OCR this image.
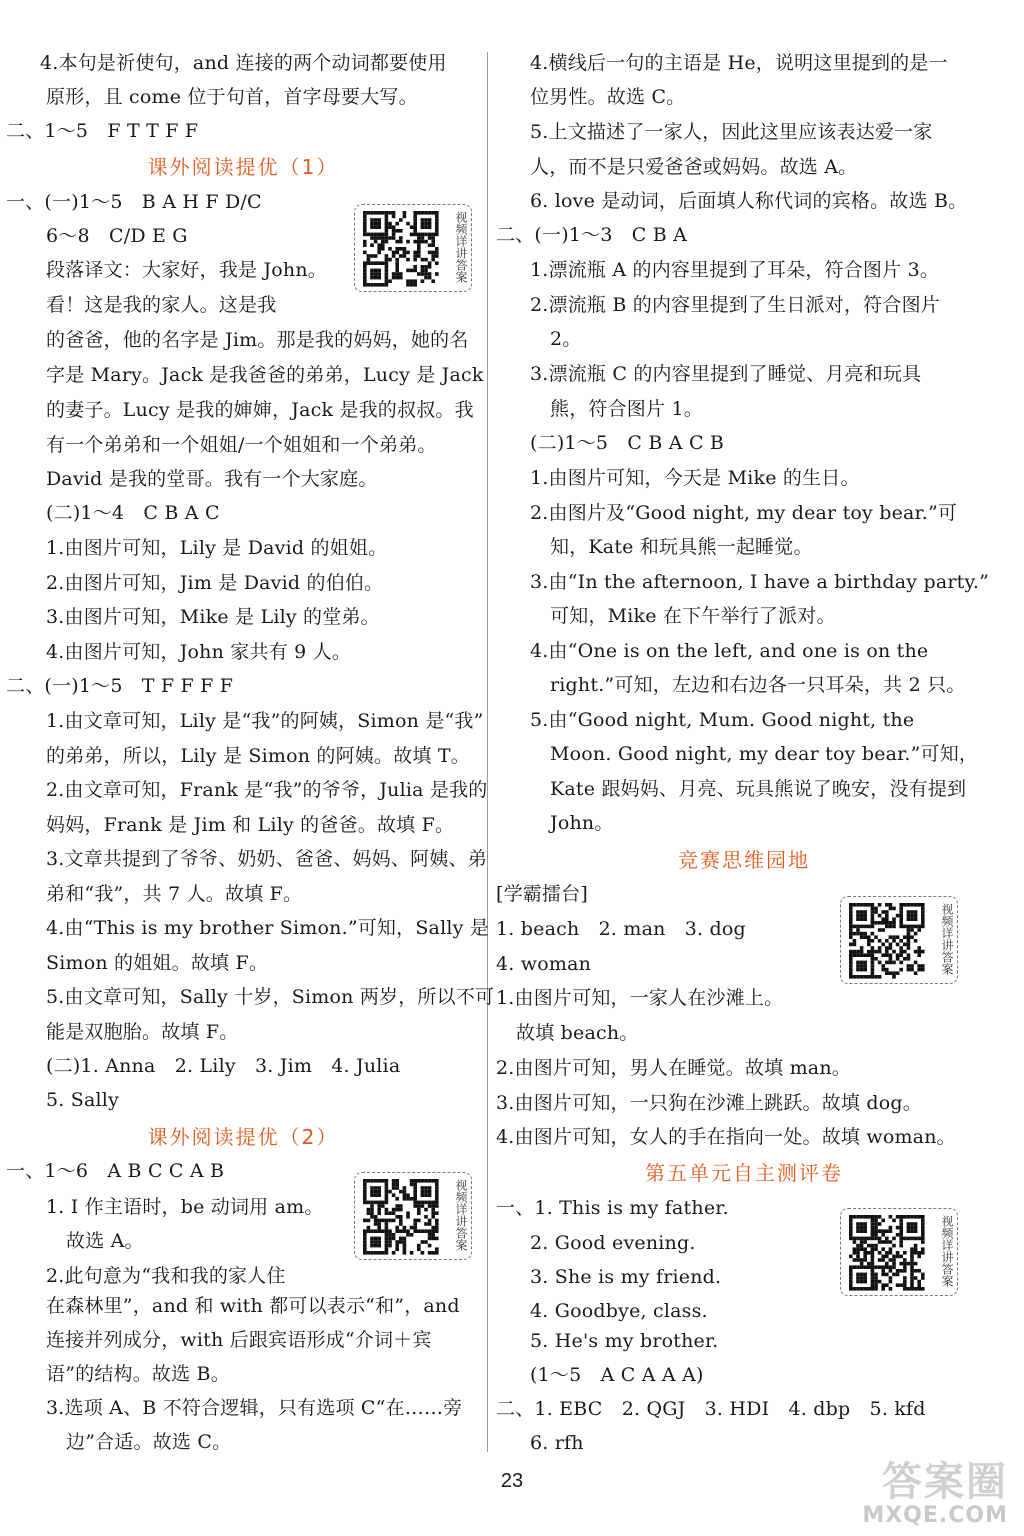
4.本句是祈使句，and 连接的两个动词都要使用
原形，且 come 位于句首，首字母要大写。
二、1～5　F T T F F
课外阅读提优（1）
一、(一)1～5　B A H F D/C
6～8　C/D E G
段落译文：大家好，我是 John。
看！这是我的家人。这是我
的爸爸，他的名字是 Jim。那是我的妈妈，她的名
字是 Mary。Jack 是我爸爸的弟弟，Lucy 是 Jack
的妻子。Lucy 是我的婶婶，Jack 是我的叔叔。我
有一个弟弟和一个姐姐/一个姐姐和一个弟弟。
David 是我的堂哥。我有一个大家庭。
(二)1～4　C B A C
1.由图片可知，Lily 是 David 的姐姐。
2.由图片可知，Jim 是 David 的伯伯。
3.由图片可知，Mike 是 Lily 的堂弟。
4.由图片可知，John 家共有 9 人。
二、(一)1～5　T F F F F
1.由文章可知，Lily 是“我”的阿姨，Simon 是“我”
的弟弟，所以，Lily 是 Simon 的阿姨。故填 T。
2.由文章可知，Frank 是“我”的爷爷，Julia 是我的
妈妈，Frank 是 Jim 和 Lily 的爸爸。故填 F。
3.文章共提到了爷爷、奶奶、爸爸、妈妈、阿姨、弟
弟和“我”，共 7 人。故填 F。
4.由“This is my brother Simon.”可知，Sally 是
Simon 的姐姐。故填 F。
5.由文章可知，Sally 十岁，Simon 两岁，所以不可
能是双胞胎。故填 F。
(二)1. Anna　2. Lily　3. Jim　4. Julia
5. Sally
课外阅读提优（2）
一、1～6　A B C C A B
1. I 作主语时，be 动词用 am。
故选 A。
2.此句意为“我和我的家人住
在森林里”，and 和 with 都可以表示“和”，and
连接并列成分，with 后跟宾语形成“介词＋宾
语”的结构。故选 B。
3.选项 A、B 不符合逻辑，只有选项 C“在……旁
边”合适。故选 C。
视频详讲答案
视频详讲答案
4.横线后一句的主语是 He，说明这里提到的是一
位男性。故选 C。
5.上文描述了一家人，因此这里应该表达爱一家
人，而不是只爱爸爸或妈妈。故选 A。
6. love 是动词，后面填人称代词的宾格。故选 B。
二、(一)1～3　C B A
1.漂流瓶 A 的内容里提到了耳朵，符合图片 3。
2.漂流瓶 B 的内容里提到了生日派对，符合图片
2。
3.漂流瓶 C 的内容里提到了睡觉、月亮和玩具
熊，符合图片 1。
(二)1～5　C B A C B
1.由图片可知，今天是 Mike 的生日。
2.由图片及“Good night, my dear toy bear.”可
知，Kate 和玩具熊一起睡觉。
3.由“In the afternoon, I have a birthday party.”
可知，Mike 在下午举行了派对。
4.由“One is on the left, and one is on the
right.”可知，左边和右边各一只耳朵，共 2 只。
5.由“Good night, Mum. Good night, the
Moon. Good night, my dear toy bear.”可知，
Kate 跟妈妈、月亮、玩具熊说了晚安，没有提到
John。
竞赛思维园地
[学霸擂台]
1. beach　2. man　3. dog
4. woman
1.由图片可知，一家人在沙滩上。
故填 beach。
2.由图片可知，男人在睡觉。故填 man。
3.由图片可知，一只狗在沙滩上跳跃。故填 dog。
4.由图片可知，女人的手在指向一处。故填 woman。
第五单元自主测评卷
一、1. This is my father.
2. Good evening.
3. She is my friend.
4. Goodbye, class.
5. He's my brother.
(1～5　A C A A A)
二、1. EBC　2. QGJ　3. HDI　4. dbp　5. kfd
6. rfh
视频详讲答案
视频详讲答案
23	答案圈
MXQE.COM
